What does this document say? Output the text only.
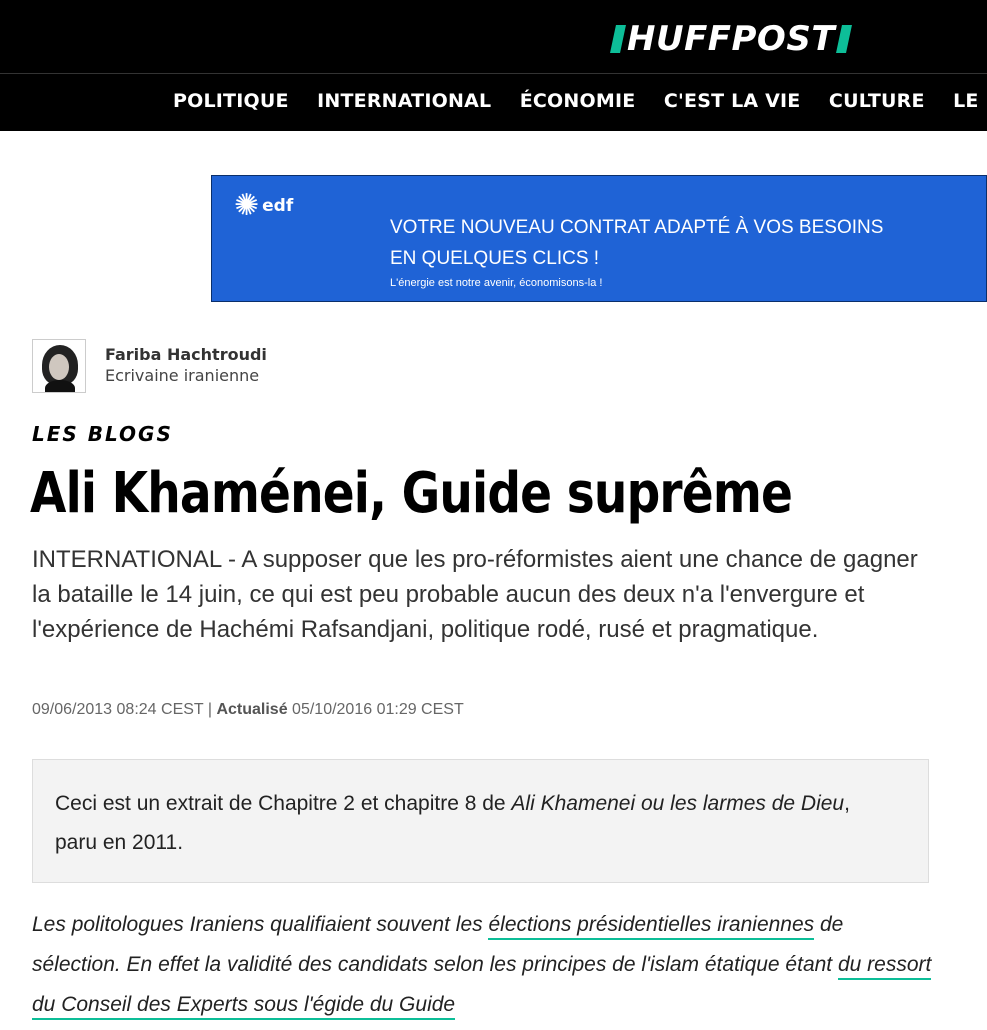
HUFFPOST
POLITIQUE INTERNATIONAL ÉCONOMIE C'EST LA VIE CULTURE LE
✺ edf
VOTRE NOUVEAU CONTRAT ADAPTÉ À VOS BESOINS
EN QUELQUES CLICS !
L'énergie est notre avenir, économisons-la !
Fariba Hachtroudi
Ecrivaine iranienne
LES BLOGS
Ali Khaménei, Guide suprême
INTERNATIONAL - A supposer que les pro-réformistes aient une chance de gagner la bataille le 14 juin, ce qui est peu probable aucun des deux n'a l'envergure et l'expérience de Hachémi Rafsandjani, politique rodé, rusé et pragmatique.
09/06/2013 08:24 CEST | Actualisé 05/10/2016 01:29 CEST

Ceci est un extrait de Chapitre 2 et chapitre 8 de Ali Khamenei ou les larmes de Dieu, paru en 2011.

Les politologues Iraniens qualifiaient souvent les élections présidentielles iraniennes de sélection. En effet la validité des candidats selon les principes de l'islam étatique étant du ressort du Conseil des Experts sous l'égide du Guide
